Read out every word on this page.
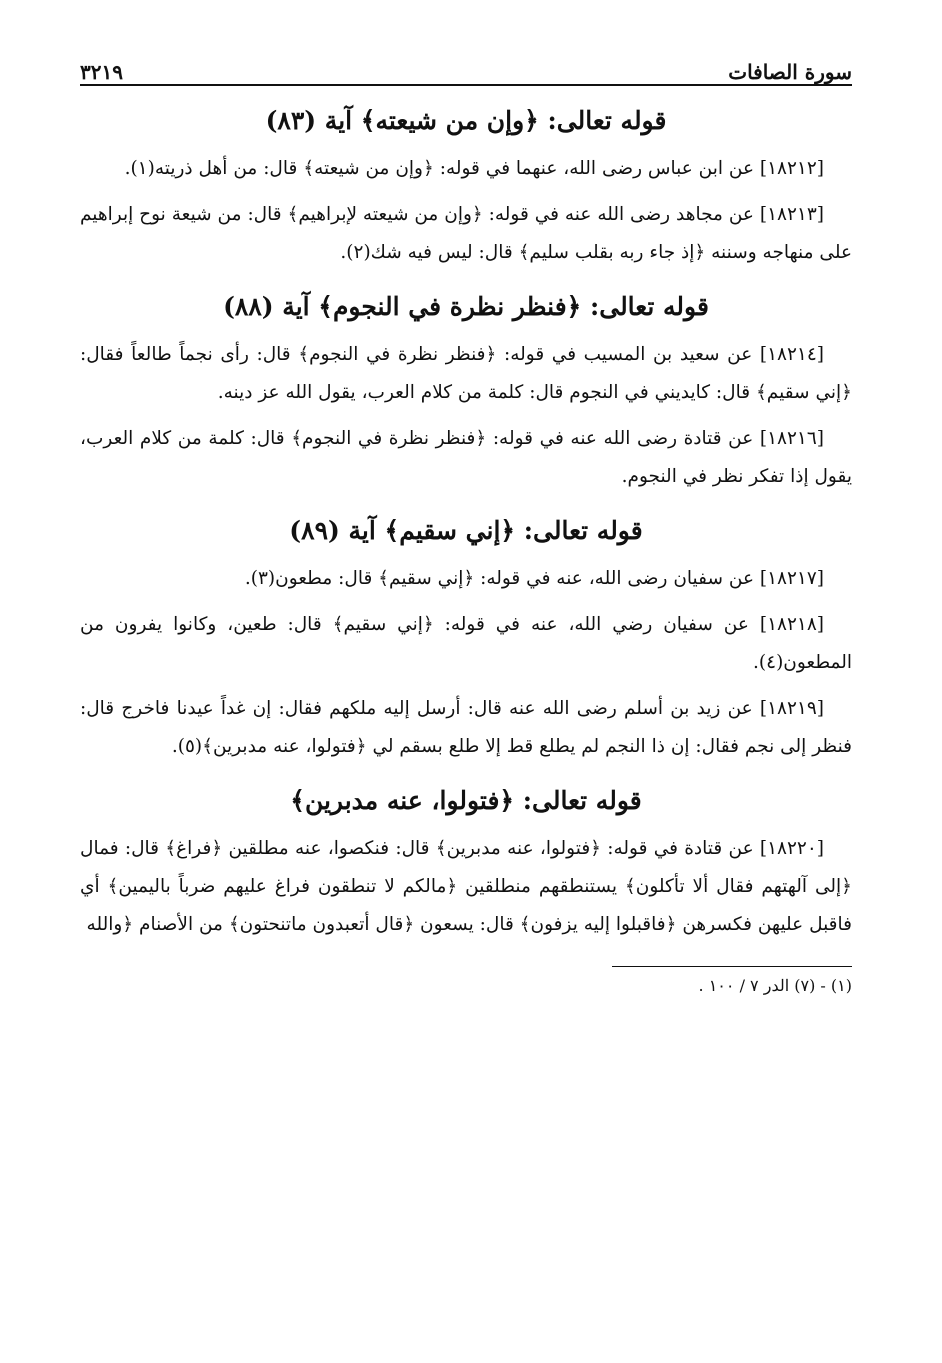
سورة الصافات
٣٢١٩
قوله تعالى: ﴿وإن من شيعته﴾ آية (٨٣)

[١٨٢١٢] عن ابن عباس رضى الله، عنهما في قوله: ﴿وإن من شيعته﴾ قال: من أهل ذريته(١).

[١٨٢١٣] عن مجاهد رضى الله عنه في قوله: ﴿وإن من شيعته لإبراهيم﴾ قال: من شيعة نوح إبراهيم على منهاجه وسننه ﴿إذ جاء ربه بقلب سليم﴾ قال: ليس فيه شك(٢).

قوله تعالى: ﴿فنظر نظرة في النجوم﴾ آية (٨٨)

[١٨٢١٤] عن سعيد بن المسيب في قوله: ﴿فنظر نظرة في النجوم﴾ قال: رأى نجماً طالعاً فقال: ﴿إني سقيم﴾ قال: كايديني في النجوم قال: كلمة من كلام العرب، يقول الله عز دينه.

[١٨٢١٦] عن قتادة رضى الله عنه في قوله: ﴿فنظر نظرة في النجوم﴾ قال: كلمة من كلام العرب، يقول إذا تفكر نظر في النجوم.

قوله تعالى: ﴿إني سقيم﴾ آية (٨٩)

[١٨٢١٧] عن سفيان رضى الله، عنه في قوله: ﴿إني سقيم﴾ قال: مطعون(٣).

[١٨٢١٨] عن سفيان رضي الله، عنه في قوله: ﴿إني سقيم﴾ قال: طعين، وكانوا يفرون من المطعون(٤).

[١٨٢١٩] عن زيد بن أسلم رضى الله عنه قال: أرسل إليه ملكهم فقال: إن غداً عيدنا فاخرج قال: فنظر إلى نجم فقال: إن ذا النجم لم يطلع قط إلا طلع بسقم لي ﴿فتولوا، عنه مدبرين﴾(٥).

قوله تعالى: ﴿فتولوا، عنه مدبرين﴾

[١٨٢٢٠] عن قتادة في قوله: ﴿فتولوا، عنه مدبرين﴾ قال: فنكصوا، عنه مطلقين ﴿فراغ﴾ قال: فمال ﴿إلى آلهتهم فقال ألا تأكلون﴾ يستنطقهم منطلقين ﴿مالكم لا تنطقون فراغ عليهم ضرباً باليمين﴾ أي فاقبل عليهن فكسرهن ﴿فاقبلوا إليه يزفون﴾ قال: يسعون ﴿قال أتعبدون ماتنحتون﴾ من الأصنام ﴿والله

(١) - (٧) الدر ٧ / ١٠٠ .
